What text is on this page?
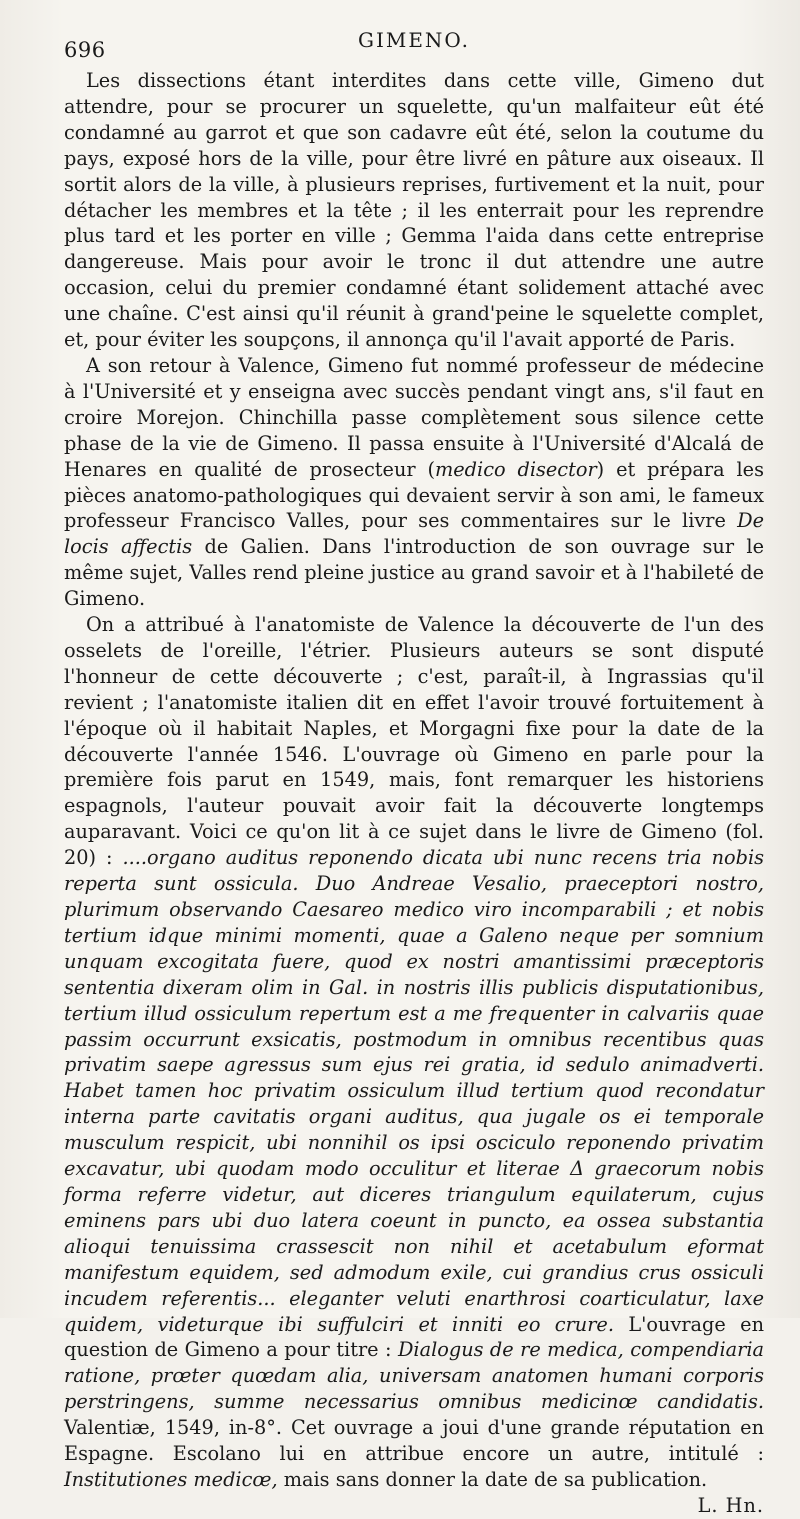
696	GIMENO.

Les dissections étant interdites dans cette ville, Gimeno dut attendre, pour se procurer un squelette, qu'un malfaiteur eût été condamné au garrot et que son cadavre eût été, selon la coutume du pays, exposé hors de la ville, pour être livré en pâture aux oiseaux. Il sortit alors de la ville, à plusieurs reprises, furtivement et la nuit, pour détacher les membres et la tête ; il les enterrait pour les reprendre plus tard et les porter en ville ; Gemma l'aida dans cette entreprise dangereuse. Mais pour avoir le tronc il dut attendre une autre occasion, celui du premier condamné étant solidement attaché avec une chaîne. C'est ainsi qu'il réunit à grand'peine le squelette complet, et, pour éviter les soupçons, il annonça qu'il l'avait apporté de Paris.

A son retour à Valence, Gimeno fut nommé professeur de médecine à l'Université et y enseigna avec succès pendant vingt ans, s'il faut en croire Morejon. Chinchilla passe complètement sous silence cette phase de la vie de Gimeno. Il passa ensuite à l'Université d'Alcalá de Henares en qualité de prosecteur (medico disector) et prépara les pièces anatomo-pathologiques qui devaient servir à son ami, le fameux professeur Francisco Valles, pour ses commentaires sur le livre De locis affectis de Galien. Dans l'introduction de son ouvrage sur le même sujet, Valles rend pleine justice au grand savoir et à l'habileté de Gimeno.

On a attribué à l'anatomiste de Valence la découverte de l'un des osselets de l'oreille, l'étrier. Plusieurs auteurs se sont disputé l'honneur de cette découverte ; c'est, paraît-il, à Ingrassias qu'il revient ; l'anatomiste italien dit en effet l'avoir trouvé fortuitement à l'époque où il habitait Naples, et Morgagni fixe pour la date de la découverte l'année 1546. L'ouvrage où Gimeno en parle pour la première fois parut en 1549, mais, font remarquer les historiens espagnols, l'auteur pouvait avoir fait la découverte longtemps auparavant. Voici ce qu'on lit à ce sujet dans le livre de Gimeno (fol. 20) : ....organo auditus reponendo dicata ubi nunc recens tria nobis reperta sunt ossicula. Duo Andreae Vesalio, praeceptori nostro, plurimum observando Caesareo medico viro incomparabili ; et nobis tertium idque minimi momenti, quae a Galeno neque per somnium unquam excogitata fuere, quod ex nostri amantissimi præceptoris sententia dixeram olim in Gal. in nostris illis publicis disputationibus, tertium illud ossiculum repertum est a me frequenter in calvariis quae passim occurrunt exsicatis, postmodum in omnibus recentibus quas privatim saepe agressus sum ejus rei gratia, id sedulo animadverti. Habet tamen hoc privatim ossiculum illud tertium quod recondatur interna parte cavitatis organi auditus, qua jugale os ei temporale musculum respicit, ubi nonnihil os ipsi osciculo reponendo privatim excavatur, ubi quodam modo occulitur et literae Δ graecorum nobis forma referre videtur, aut diceres triangulum equilaterum, cujus eminens pars ubi duo latera coeunt in puncto, ea ossea substantia alioqui tenuissima crassescit non nihil et acetabulum eformat manifestum equidem, sed admodum exile, cui grandius crus ossiculi incudem referentis... eleganter veluti enarthrosi coarticulatur, laxe quidem, videturque ibi suffulciri et inniti eo crure. L'ouvrage en question de Gimeno a pour titre : Dialogus de re medica, compendiaria ratione, prœter quœdam alia, universam anatomen humani corporis perstringens, summe necessarius omnibus medicinœ candidatis. Valentiæ, 1549, in-8°. Cet ouvrage a joui d'une grande réputation en Espagne. Escolano lui en attribue encore un autre, intitulé : Institutiones medicœ, mais sans donner la date de sa publication.
L. Hn.
